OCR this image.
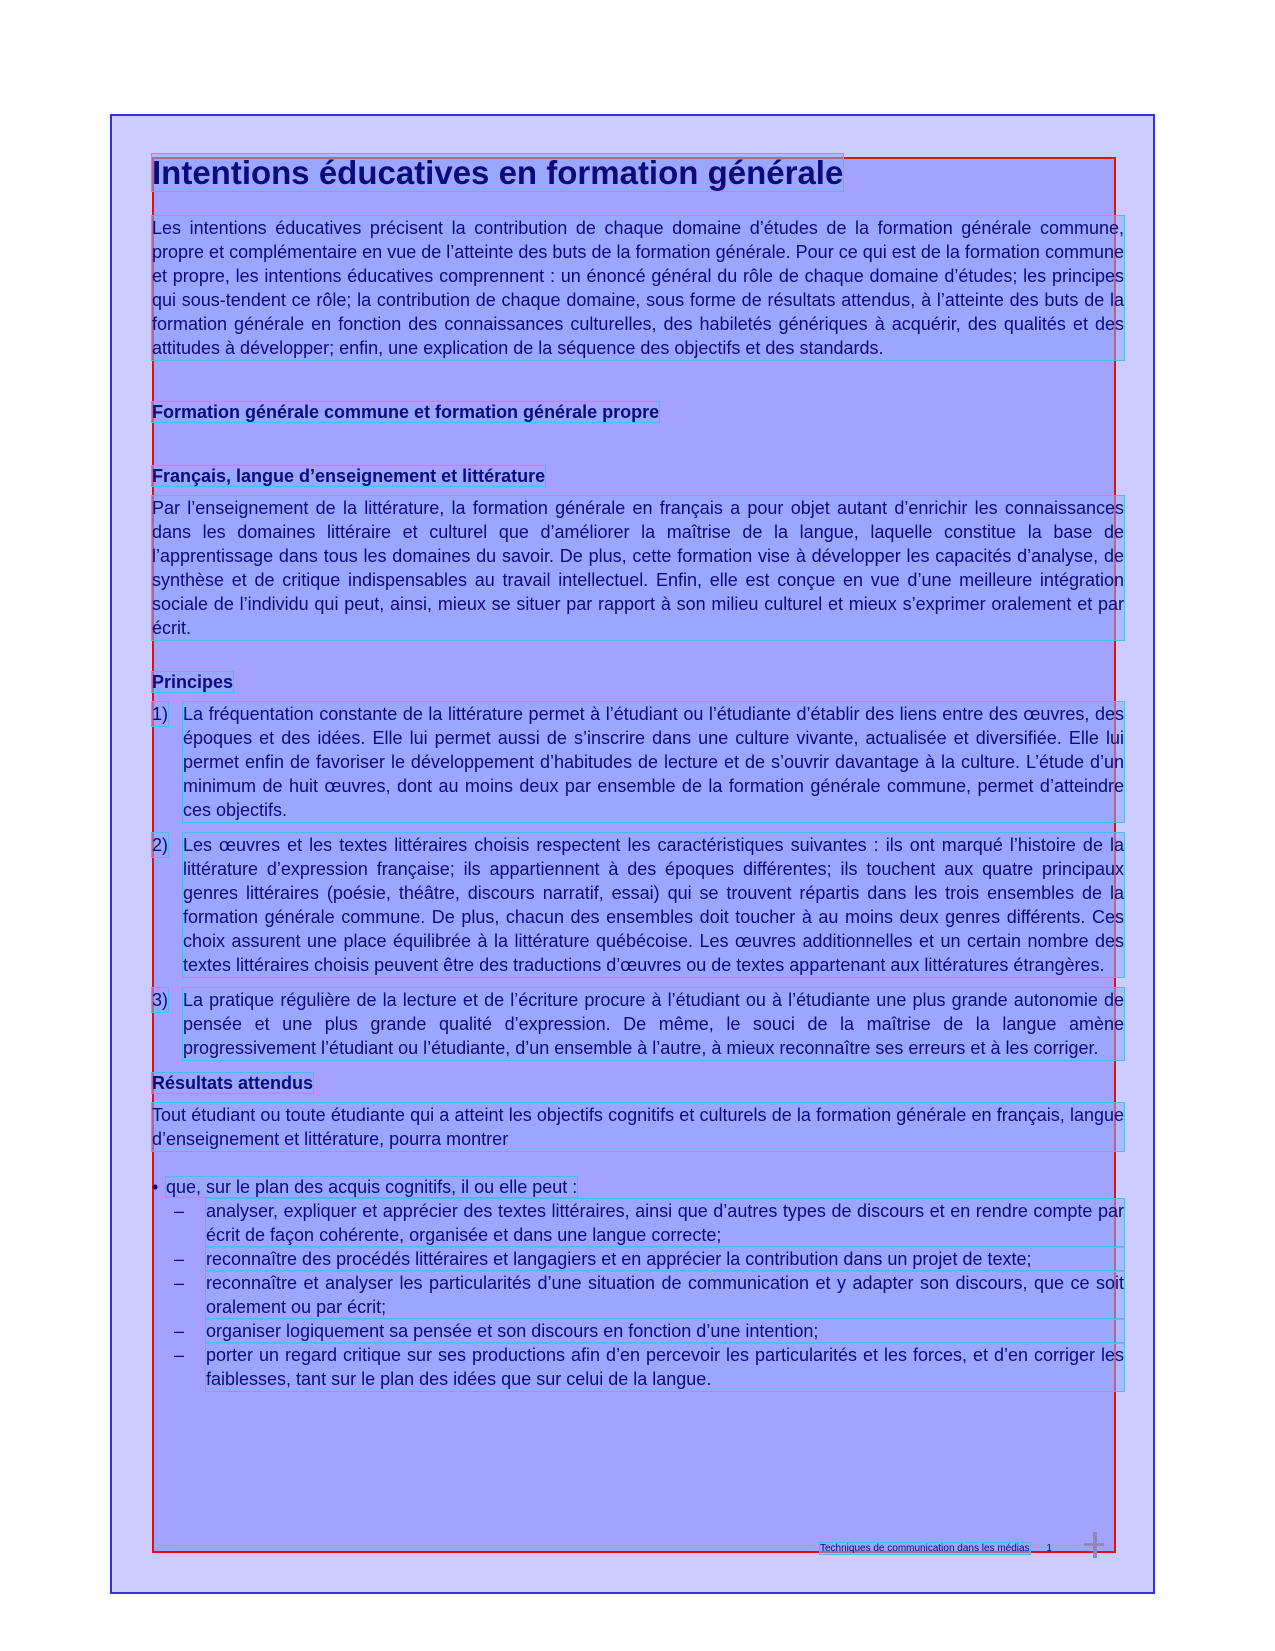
Intentions éducatives en formation générale

Les intentions éducatives précisent la contribution de chaque domaine d’études de la formation générale commune, propre et complémentaire en vue de l’atteinte des buts de la formation générale. Pour ce qui est de la formation commune et propre, les intentions éducatives comprennent : un énoncé général du rôle de chaque domaine d’études; les principes qui sous-tendent ce rôle; la contribution de chaque domaine, sous forme de résultats attendus, à l’atteinte des buts de la formation générale en fonction des connaissances culturelles, des habiletés génériques à acquérir, des qualités et des attitudes à développer; enfin, une explication de la séquence des objectifs et des standards.

Formation générale commune et formation générale propre
Français, langue d’enseignement et littérature

Par l’enseignement de la littérature, la formation générale en français a pour objet autant d’enrichir les connaissances dans les domaines littéraire et culturel que d’améliorer la maîtrise de la langue, laquelle constitue la base de l’apprentissage dans tous les domaines du savoir. De plus, cette formation vise à développer les capacités d’analyse, de synthèse et de critique indispensables au travail intellectuel. Enfin, elle est conçue en vue d’une meilleure intégration sociale de l’individu qui peut, ainsi, mieux se situer par rapport à son milieu culturel et mieux s’exprimer oralement et par écrit.

Principes
1) La fréquentation constante de la littérature permet à l’étudiant ou l’étudiante d’établir des liens entre des œuvres, des époques et des idées. Elle lui permet aussi de s’inscrire dans une culture vivante, actualisée et diversifiée. Elle lui permet enfin de favoriser le développement d’habitudes de lecture et de s’ouvrir davantage à la culture. L’étude d’un minimum de huit œuvres, dont au moins deux par ensemble de la formation générale commune, permet d’atteindre ces objectifs.

2) Les œuvres et les textes littéraires choisis respectent les caractéristiques suivantes : ils ont marqué l’histoire de la littérature d’expression française; ils appartiennent à des époques différentes; ils touchent aux quatre principaux genres littéraires (poésie, théâtre, discours narratif, essai) qui se trouvent répartis dans les trois ensembles de la formation générale commune. De plus, chacun des ensembles doit toucher à au moins deux genres différents. Ces choix assurent une place équilibrée à la littérature québécoise. Les œuvres additionnelles et un certain nombre des textes littéraires choisis peuvent être des traductions d’œuvres ou de textes appartenant aux littératures étrangères.

3) La pratique régulière de la lecture et de l’écriture procure à l’étudiant ou à l’étudiante une plus grande autonomie de pensée et une plus grande qualité d’expression. De même, le souci de la maîtrise de la langue amène progressivement l’étudiant ou l’étudiante, d’un ensemble à l’autre, à mieux reconnaître ses erreurs et à les corriger.

Résultats attendus

Tout étudiant ou toute étudiante qui a atteint les objectifs cognitifs et culturels de la formation générale en français, langue d’enseignement et littérature, pourra montrer

• que, sur le plan des acquis cognitifs, il ou elle peut :
– analyser, expliquer et apprécier des textes littéraires, ainsi que d’autres types de discours et en rendre compte par écrit de façon cohérente, organisée et dans une langue correcte;

– reconnaître des procédés littéraires et langagiers et en apprécier la contribution dans un projet de texte;

– reconnaître et analyser les particularités d’une situation de communication et y adapter son discours, que ce soit oralement ou par écrit;

– organiser logiquement sa pensée et son discours en fonction d’une intention;

– porter un regard critique sur ses productions afin d’en percevoir les particularités et les forces, et d’en corriger les faiblesses, tant sur le plan des idées que sur celui de la langue.

Techniques de communication dans les médias 1
